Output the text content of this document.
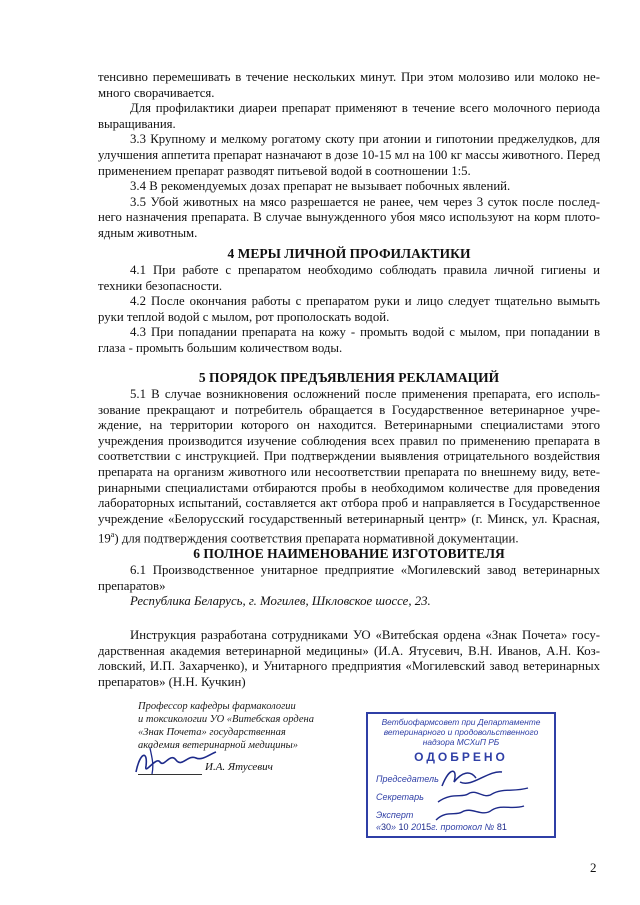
тенсивно перемешивать в течение нескольких минут. При этом молозиво или молоко не-много сворачивается.

Для профилактики диареи препарат применяют в течение всего молочного периода выращивания.

3.3 Крупному и мелкому рогатому скоту при атонии и гипотонии преджелудков, для улучшения аппетита препарат назначают в дозе 10-15 мл на 100 кг массы животного. Перед применением препарат разводят питьевой водой в соотношении 1:5.

3.4 В рекомендуемых дозах препарат не вызывает побочных явлений.

3.5 Убой животных на мясо разрешается не ранее, чем через 3 суток после послед-него назначения препарата. В случае вынужденного убоя мясо используют на корм плото-ядным животным.

4 МЕРЫ ЛИЧНОЙ ПРОФИЛАКТИКИ

4.1 При работе с препаратом необходимо соблюдать правила личной гигиены и техники безопасности.

4.2 После окончания работы с препаратом руки и лицо следует тщательно вымыть руки теплой водой с мылом, рот прополоскать водой.

4.3 При попадании препарата на кожу - промыть водой с мылом, при попадании в глаза - промыть большим количеством воды.

5 ПОРЯДОК ПРЕДЪЯВЛЕНИЯ РЕКЛАМАЦИЙ

5.1 В случае возникновения осложнений после применения препарата, его исполь-зование прекращают и потребитель обращается в Государственное ветеринарное учре-ждение, на территории которого он находится. Ветеринарными специалистами этого учреждения производится изучение соблюдения всех правил по применению препарата в соответствии с инструкцией. При подтверждении выявления отрицательного воздействия препарата на организм животного или несоответствии препарата по внешнему виду, вете-ринарными специалистами отбираются пробы в необходимом количестве для проведения лабораторных испытаний, составляется акт отбора проб и направляется в Государственное учреждение «Белорусский государственный ветеринарный центр» (г. Минск, ул. Красная, $19^а$) для подтверждения соответствия препарата нормативной документации.

6 ПОЛНОЕ НАИМЕНОВАНИЕ ИЗГОТОВИТЕЛЯ

6.1 Производственное унитарное предприятие «Могилевский завод ветеринарных препаратов»

Республика Беларусь, г. Могилев, Шкловское шоссе, 23.

Инструкция разработана сотрудниками УО «Витебская ордена «Знак Почета» госу-дарственная академия ветеринарной медицины» (И.А. Ятусевич, В.Н. Иванов, А.Н. Коз-ловский, И.П. Захарченко), и Унитарного предприятия «Могилевский завод ветеринарных препаратов» (Н.Н. Кучкин)

Профессор кафедры фармакологии
и токсикологии УО «Витебская ордена
«Знак Почета» государственная
академия ветеринарной медицины»
И.А. Ятусевич
Ветбиофармсовет при Департаменте ветеринарного и продовольственного надзора МСХиП РБ
ОДОБРЕНО
Председатель
Секретарь
Эксперт
«30» 10 2015г. протокол № 81
2
